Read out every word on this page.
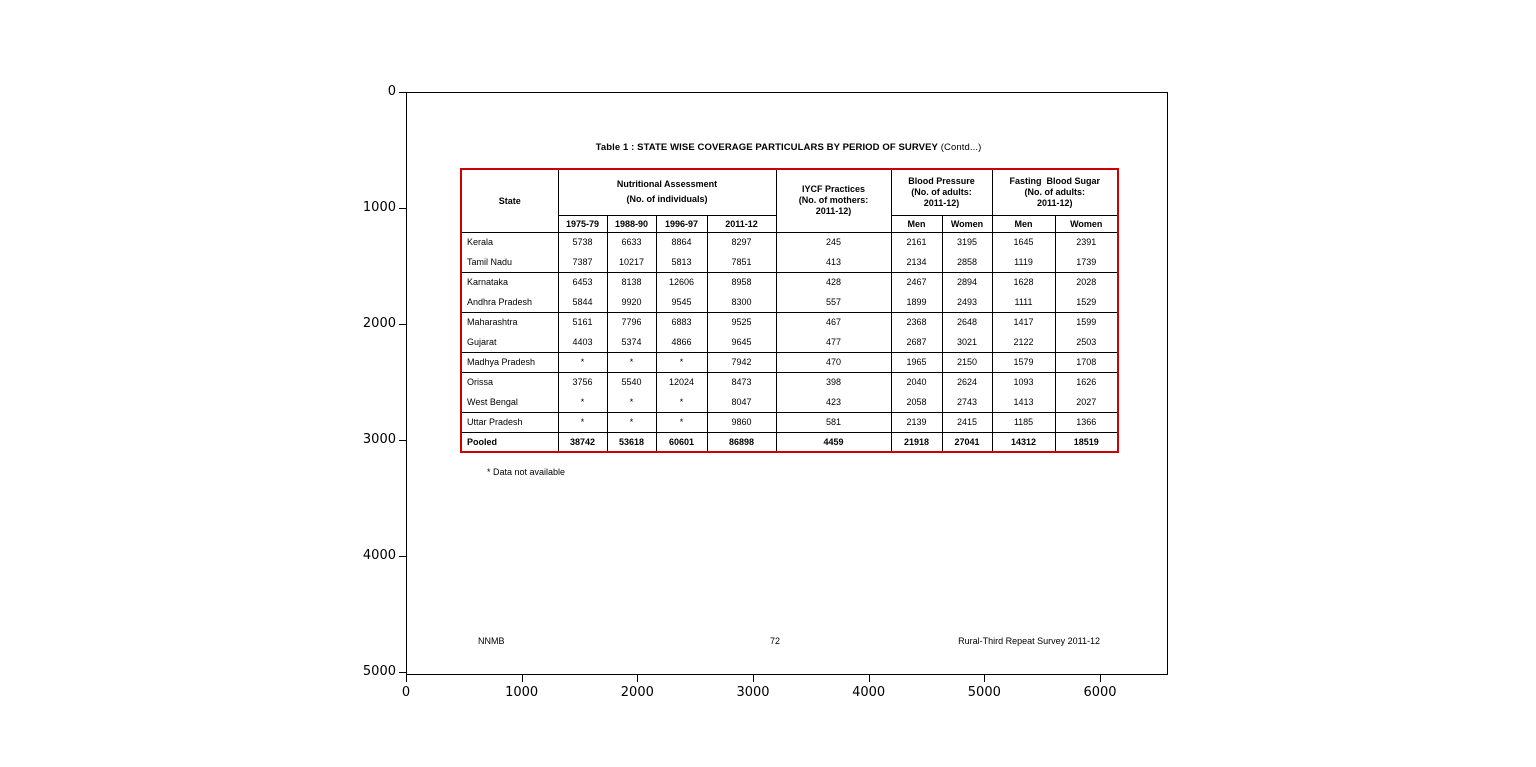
Table 1 : STATE WISE COVERAGE PARTICULARS BY PERIOD OF SURVEY (Contd...)
State	
Nutritional Assessment
(No. of individuals)

IYCF Practices
(No. of mothers:
2011-12)

Blood Pressure
(No. of adults:
2011-12)

Fasting  Blood Sugar
(No. of adults:
2011-12)

	1975-79	1988-90	1996-97	2011-12		Men	Women	Men	Women
Kerala	5738	6633	8864	8297	245	2161	3195	1645	2391
Tamil Nadu	7387	10217	5813	7851	413	2134	2858	1119	1739
Karnataka	6453	8138	12606	8958	428	2467	2894	1628	2028
Andhra Pradesh	5844	9920	9545	8300	557	1899	2493	1111	1529
Maharashtra	5161	7796	6883	9525	467	2368	2648	1417	1599
Gujarat	4403	5374	4866	9645	477	2687	3021	2122	2503
Madhya Pradesh	*	*	*	7942	470	1965	2150	1579	1708
Orissa	3756	5540	12024	8473	398	2040	2624	1093	1626
West Bengal	*	*	*	8047	423	2058	2743	1413	2027
Uttar Pradesh	*	*	*	9860	581	2139	2415	1185	1366
Pooled	38742	53618	60601	86898	4459	21918	27041	14312	18519
* Data not available
NNMB	72	Rural-Third Repeat Survey 2011-12
0
1000
2000
3000
4000
5000
0	1000	2000	3000	4000	5000	6000
